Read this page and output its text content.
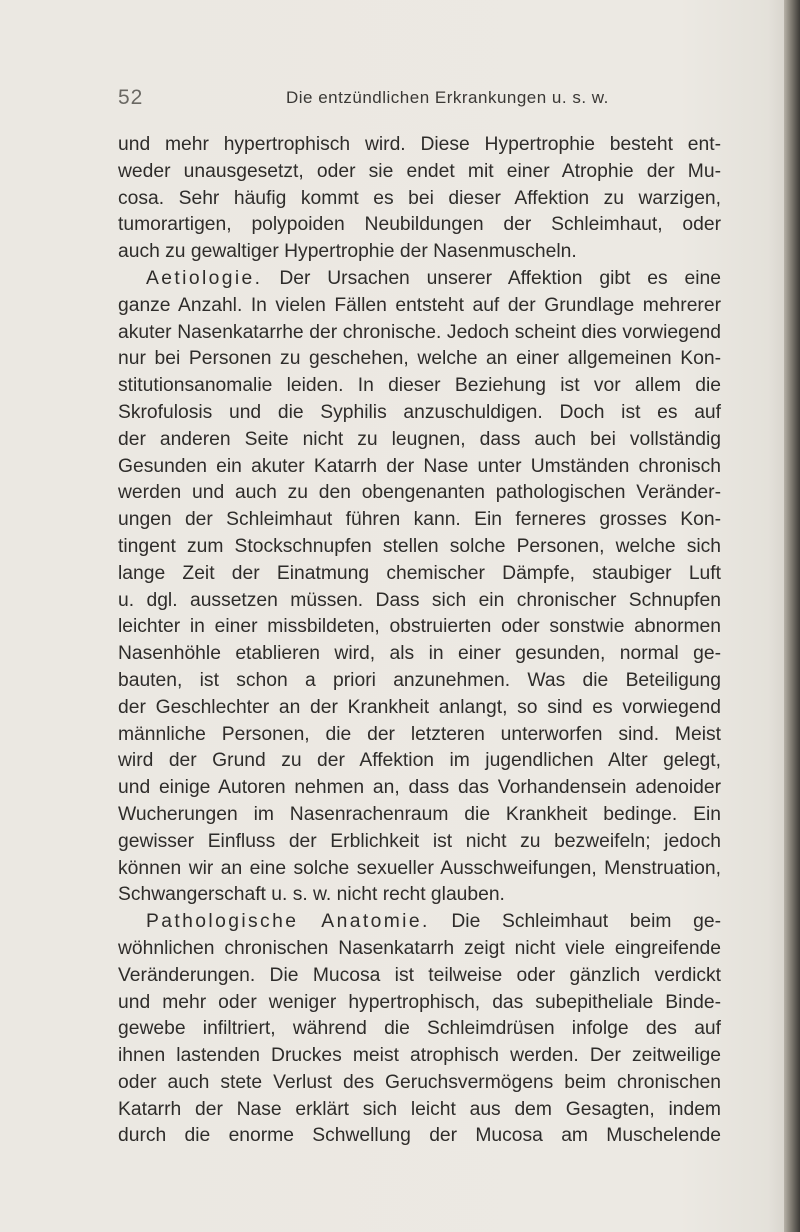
52	Die entzündlichen Erkrankungen u. s. w.
und mehr hypertrophisch wird. Diese Hypertrophie besteht ent-
weder unausgesetzt, oder sie endet mit einer Atrophie der Mu-
cosa. Sehr häufig kommt es bei dieser Affektion zu warzigen,
tumorartigen, polypoiden Neubildungen der Schleimhaut, oder
auch zu gewaltiger Hypertrophie der Nasenmuscheln.
Aetiologie. Der Ursachen unserer Affektion gibt es eine
ganze Anzahl. In vielen Fällen entsteht auf der Grundlage mehrerer
akuter Nasenkatarrhe der chronische. Jedoch scheint dies vorwiegend
nur bei Personen zu geschehen, welche an einer allgemeinen Kon-
stitutionsanomalie leiden. In dieser Beziehung ist vor allem die
Skrofulosis und die Syphilis anzuschuldigen. Doch ist es auf
der anderen Seite nicht zu leugnen, dass auch bei vollständig
Gesunden ein akuter Katarrh der Nase unter Umständen chronisch
werden und auch zu den obengenanten pathologischen Veränder-
ungen der Schleimhaut führen kann. Ein ferneres grosses Kon-
tingent zum Stockschnupfen stellen solche Personen, welche sich
lange Zeit der Einatmung chemischer Dämpfe, staubiger Luft
u. dgl. aussetzen müssen. Dass sich ein chronischer Schnupfen
leichter in einer missbildeten, obstruierten oder sonstwie abnormen
Nasenhöhle etablieren wird, als in einer gesunden, normal ge-
bauten, ist schon a priori anzunehmen. Was die Beteiligung
der Geschlechter an der Krankheit anlangt, so sind es vorwiegend
männliche Personen, die der letzteren unterworfen sind. Meist
wird der Grund zu der Affektion im jugendlichen Alter gelegt,
und einige Autoren nehmen an, dass das Vorhandensein adenoider
Wucherungen im Nasenrachenraum die Krankheit bedinge. Ein
gewisser Einfluss der Erblichkeit ist nicht zu bezweifeln; jedoch
können wir an eine solche sexueller Ausschweifungen, Menstruation,
Schwangerschaft u. s. w. nicht recht glauben.
Pathologische Anatomie. Die Schleimhaut beim ge-
wöhnlichen chronischen Nasenkatarrh zeigt nicht viele eingreifende
Veränderungen. Die Mucosa ist teilweise oder gänzlich verdickt
und mehr oder weniger hypertrophisch, das subepitheliale Binde-
gewebe infiltriert, während die Schleimdrüsen infolge des auf
ihnen lastenden Druckes meist atrophisch werden. Der zeitweilige
oder auch stete Verlust des Geruchsvermögens beim chronischen
Katarrh der Nase erklärt sich leicht aus dem Gesagten, indem
durch die enorme Schwellung der Mucosa am Muschelende
